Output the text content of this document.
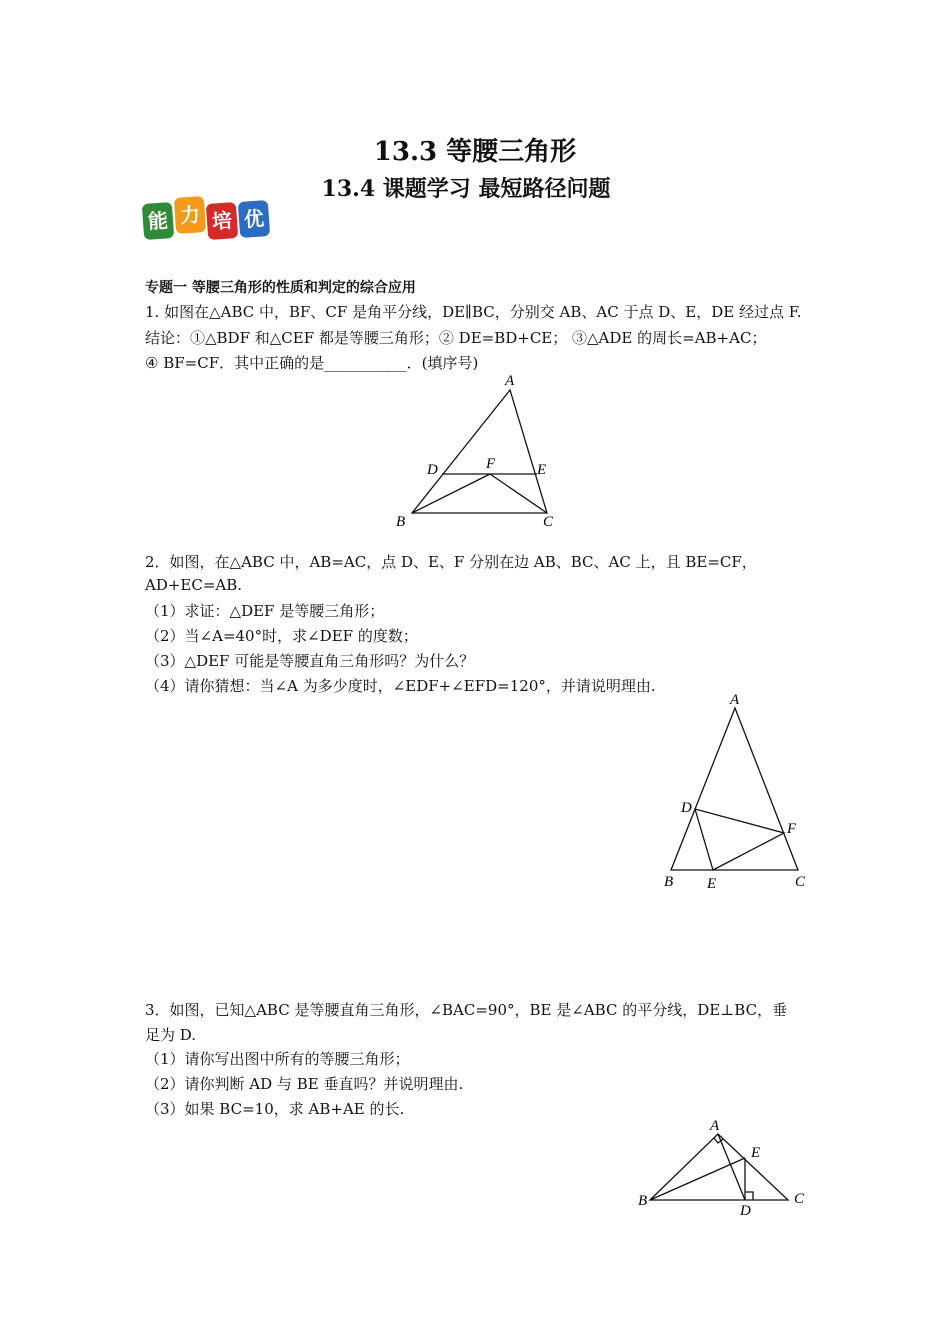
13.3 等腰三角形
13.4 课题学习 最短路径问题
能 力 培 优
专题一 等腰三角形的性质和判定的综合应用
1. 如图在△ABC 中，BF、CF 是角平分线，DE∥BC，分别交 AB、AC 于点 D、E，DE 经过点 F.
结论：①△BDF 和△CEF 都是等腰三角形；② DE=BD+CE； ③△ADE 的周长=AB+AC；
④ BF=CF．其中正确的是___________．(填序号)
A
B	C
D	E
F
2．如图，在△ABC 中，AB=AC，点 D、E、F 分别在边 AB、BC、AC 上，且 BE=CF，
AD+EC=AB.
（1）求证：△DEF 是等腰三角形；
（2）当∠A=40°时，求∠DEF 的度数；
（3）△DEF 可能是等腰直角三角形吗？为什么？
（4）请你猜想：当∠A 为多少度时，∠EDF+∠EFD=120°，并请说明理由.
A
B	C
D
E
F
3．如图，已知△ABC 是等腰直角三角形，∠BAC=90°，BE 是∠ABC 的平分线，DE⊥BC，垂
足为 D.
（1）请你写出图中所有的等腰三角形；
（2）请你判断 AD 与 BE 垂直吗？并说明理由.
（3）如果 BC=10，求 AB+AE 的长.
A
B	C
D
E
